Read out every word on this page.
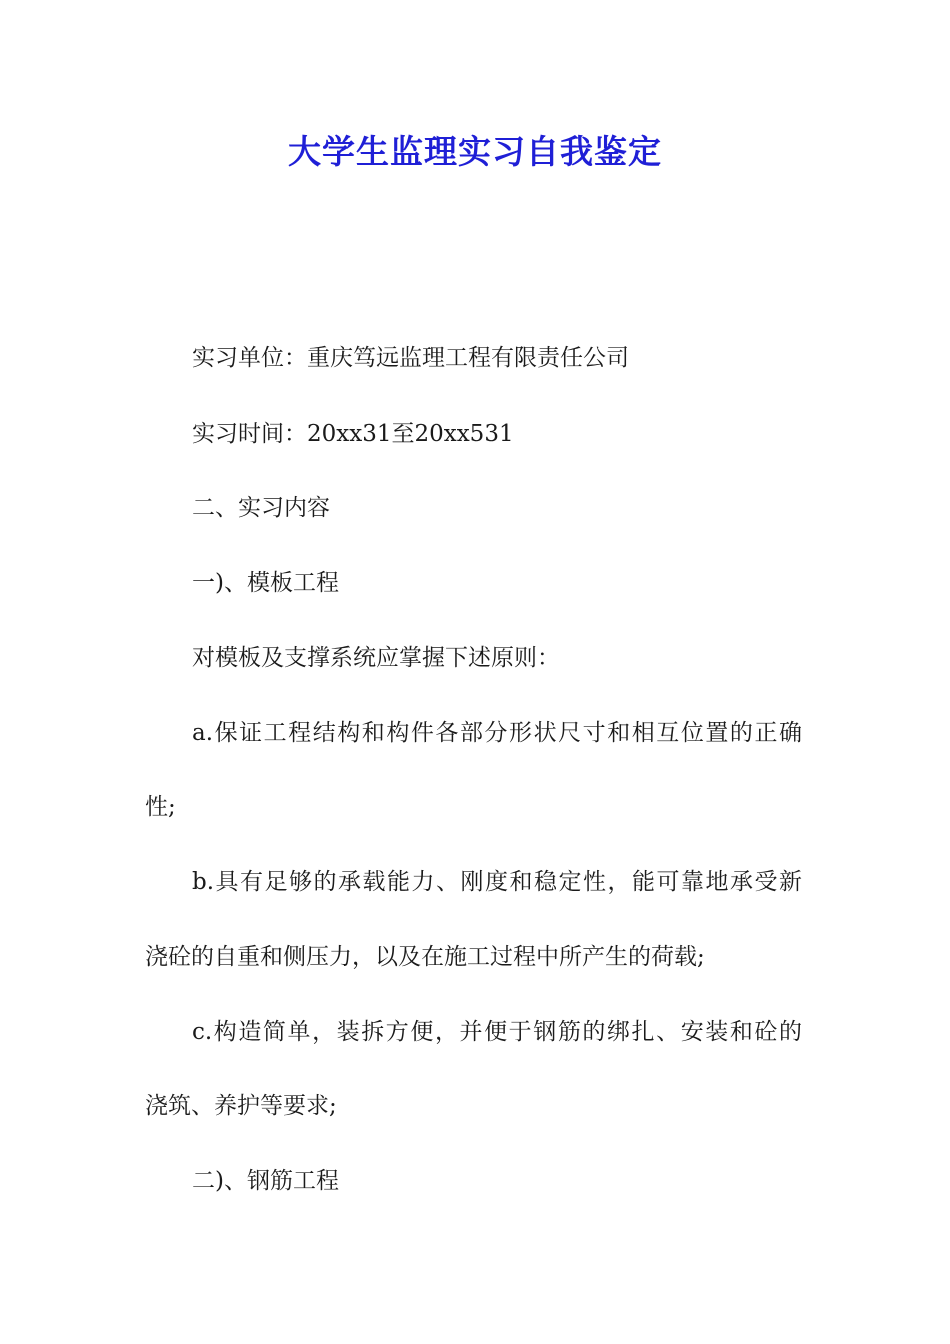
大学生监理实习自我鉴定

实习单位：重庆笃远监理工程有限责任公司

实习时间：20xx31至20xx531

二、实习内容

一)、模板工程

对模板及支撑系统应掌握下述原则：

a.保证工程结构和构件各部分形状尺寸和相互位置的正确

性;

b.具有足够的承载能力、刚度和稳定性，能可靠地承受新

浇砼的自重和侧压力，以及在施工过程中所产生的荷载;

c.构造简单，装拆方便，并便于钢筋的绑扎、安装和砼的

浇筑、养护等要求;

二)、钢筋工程
